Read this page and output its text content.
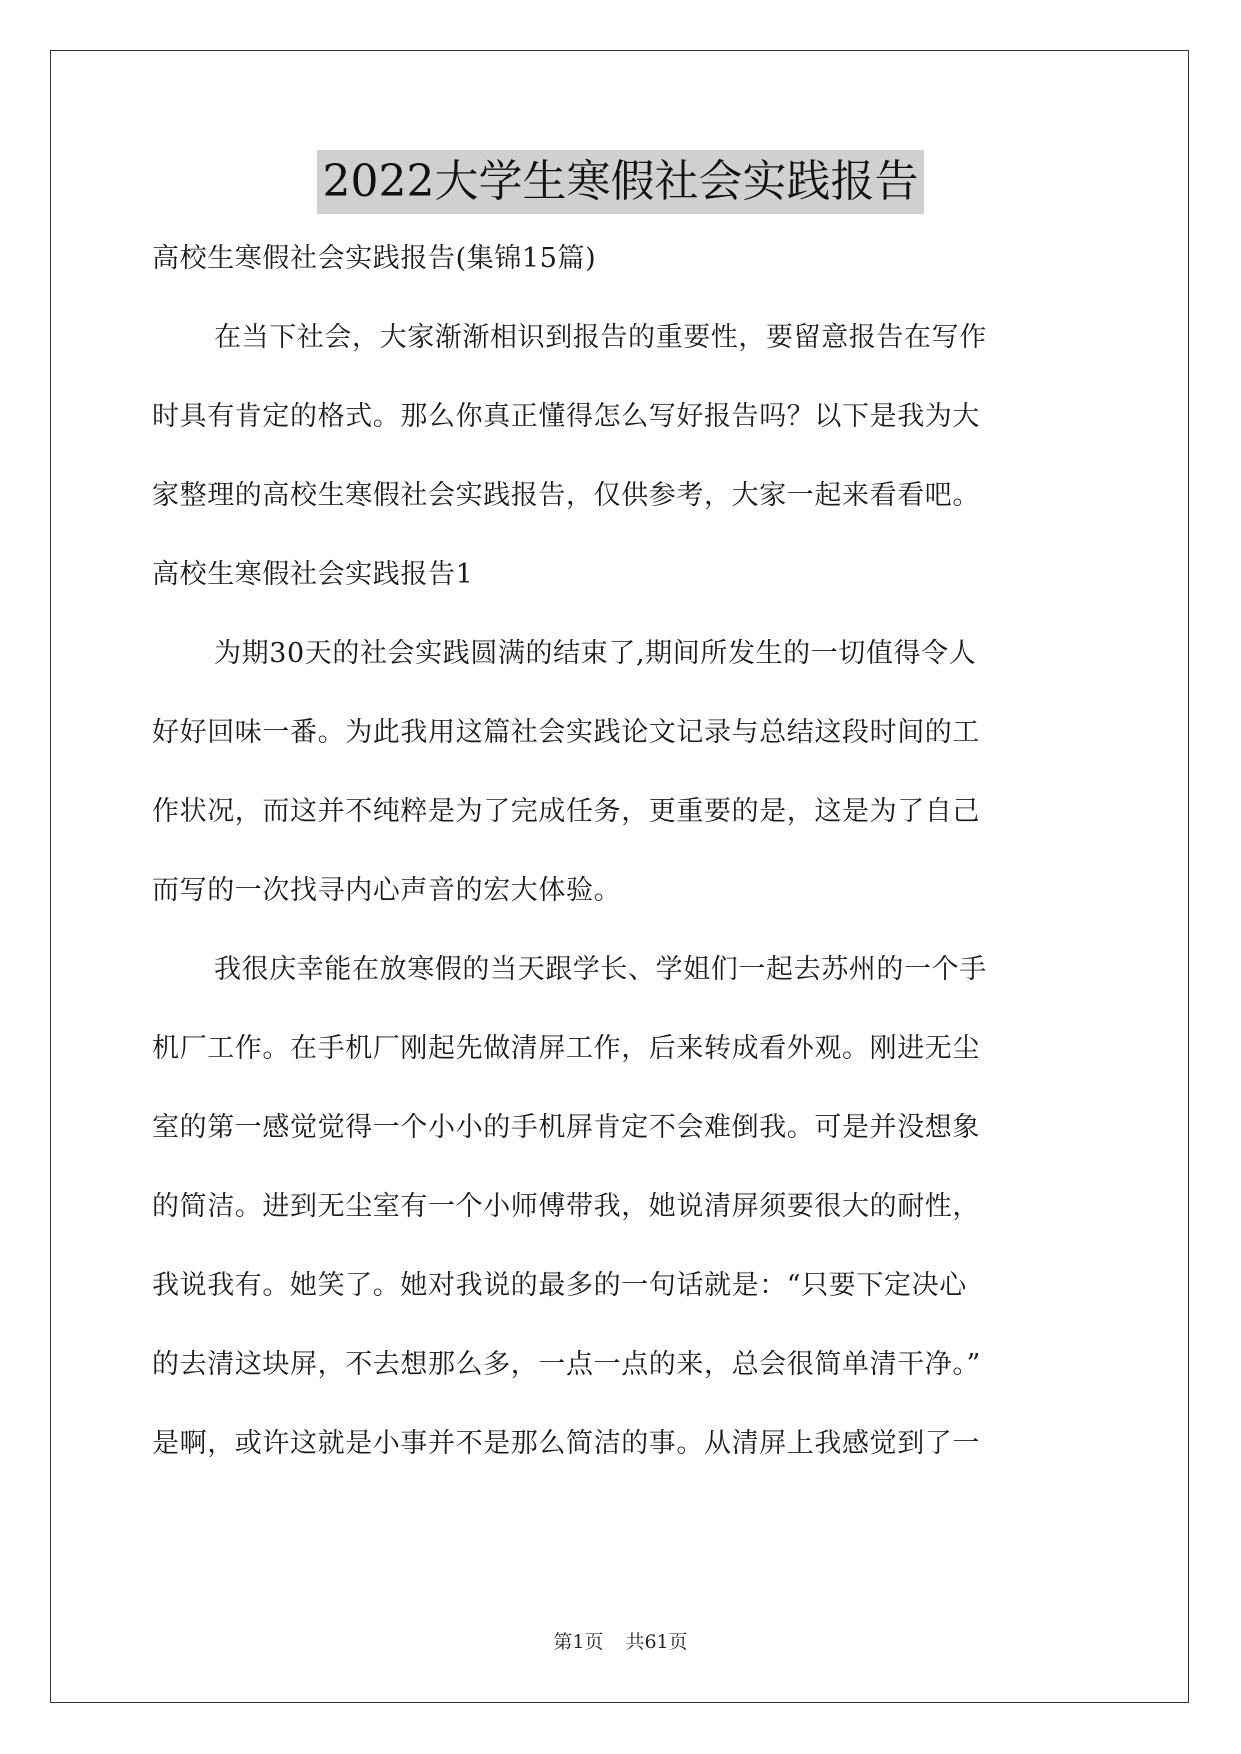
2022大学生寒假社会实践报告
高校生寒假社会实践报告(集锦15篇)
在当下社会，大家渐渐相识到报告的重要性，要留意报告在写作
时具有肯定的格式。那么你真正懂得怎么写好报告吗？以下是我为大
家整理的高校生寒假社会实践报告，仅供参考，大家一起来看看吧。
高校生寒假社会实践报告1
为期30天的社会实践圆满的结束了,期间所发生的一切值得令人
好好回味一番。为此我用这篇社会实践论文记录与总结这段时间的工
作状况，而这并不纯粹是为了完成任务，更重要的是，这是为了自己
而写的一次找寻内心声音的宏大体验。
我很庆幸能在放寒假的当天跟学长、学姐们一起去苏州的一个手
机厂工作。在手机厂刚起先做清屏工作，后来转成看外观。刚进无尘
室的第一感觉觉得一个小小的手机屏肯定不会难倒我。可是并没想象
的简洁。进到无尘室有一个小师傅带我，她说清屏须要很大的耐性，
我说我有。她笑了。她对我说的最多的一句话就是：“只要下定决心
的去清这块屏，不去想那么多，一点一点的来，总会很简单清干净。”
是啊，或许这就是小事并不是那么简洁的事。从清屏上我感觉到了一
第1页 共61页
